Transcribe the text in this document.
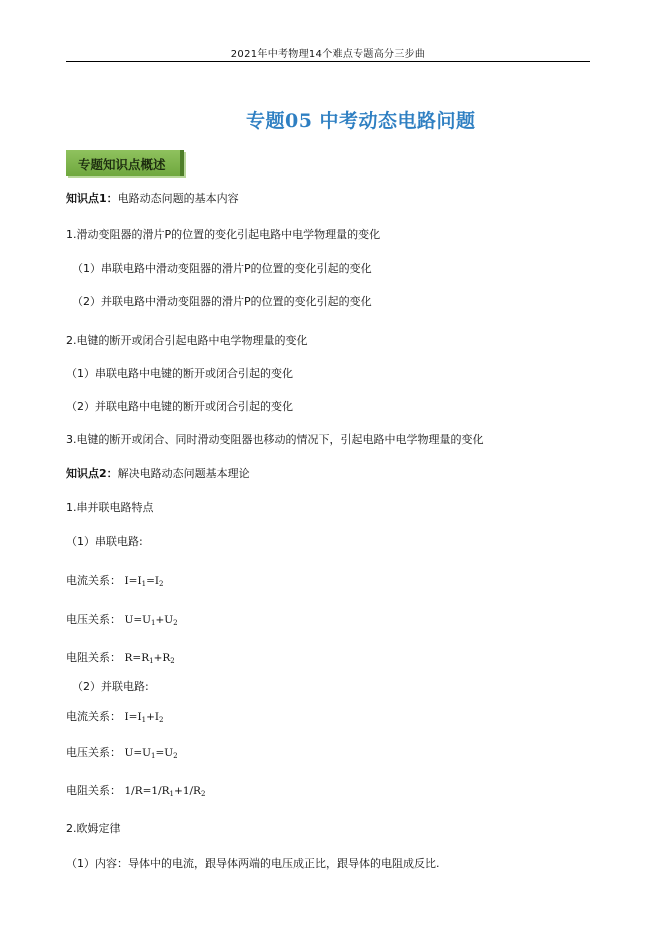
2021年中考物理14个难点专题高分三步曲
专题05 中考动态电路问题
专题知识点概述
知识点1：电路动态问题的基本内容
1.滑动变阻器的滑片P的位置的变化引起电路中电学物理量的变化
（1）串联电路中滑动变阻器的滑片P的位置的变化引起的变化
（2）并联电路中滑动变阻器的滑片P的位置的变化引起的变化
2.电键的断开或闭合引起电路中电学物理量的变化
（1）串联电路中电键的断开或闭合引起的变化
（2）并联电路中电键的断开或闭合引起的变化
3.电键的断开或闭合、同时滑动变阻器也移动的情况下，引起电路中电学物理量的变化
知识点2：解决电路动态问题基本理论
1.串并联电路特点
（1）串联电路:
电流关系： $I=I_1=I_2$
电压关系： $U=U_1+U_2$
电阻关系： $R=R_1+R_2$
（2）并联电路:
电流关系： $I=I_1+I_2$
电压关系： $U=U_1=U_2$
电阻关系： $1/R=1/R_1+1/R_2$
2.欧姆定律
（1）内容：导体中的电流，跟导体两端的电压成正比，跟导体的电阻成反比.
